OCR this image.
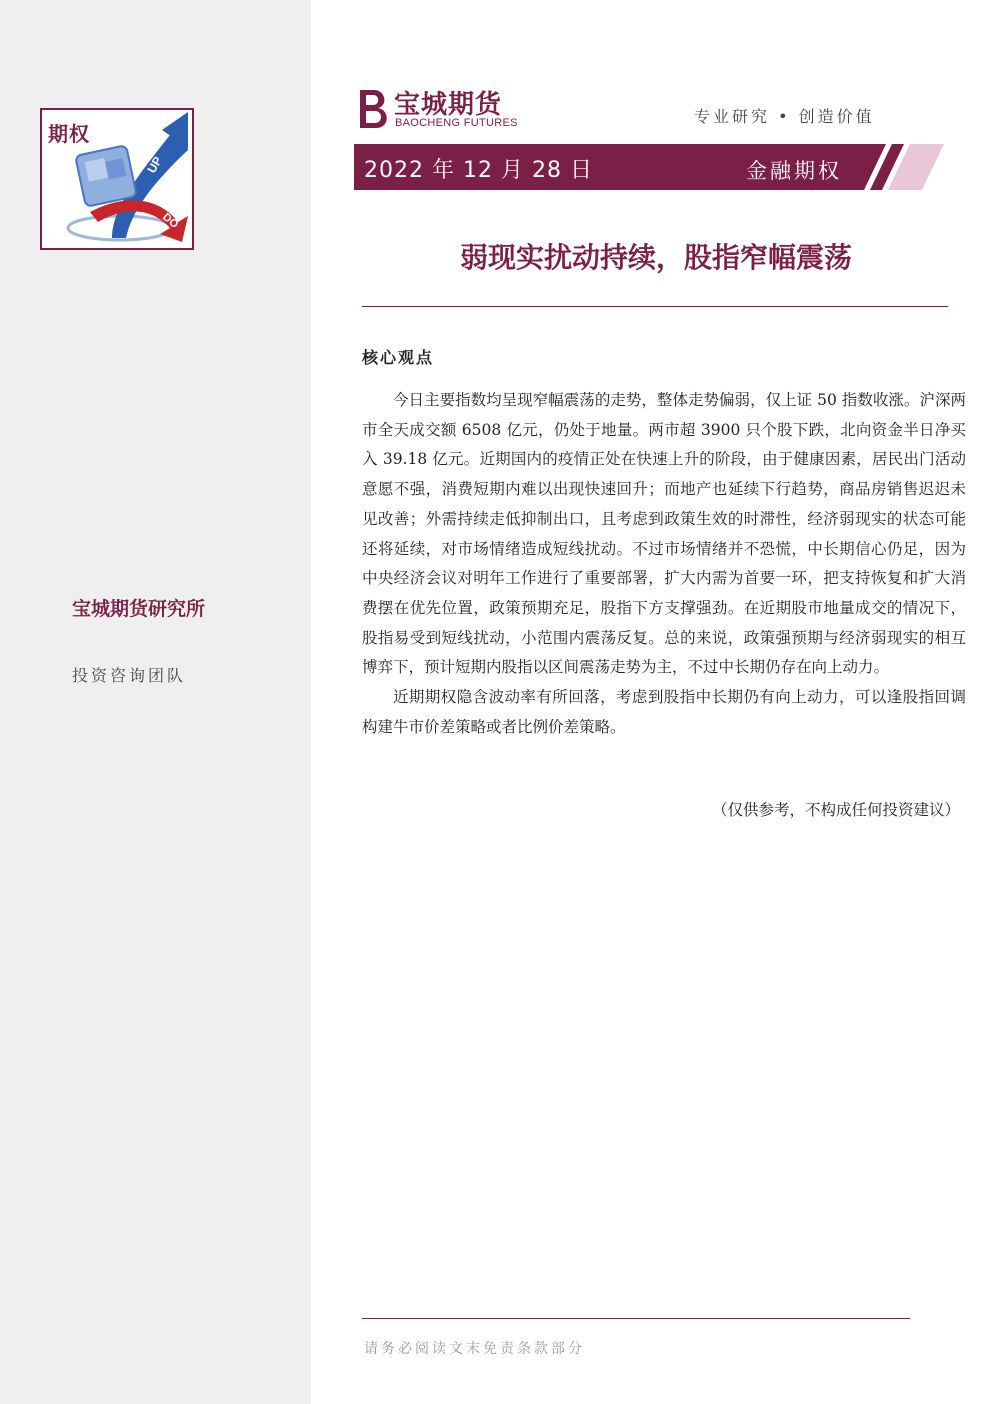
UP
DO
期权
宝城期货研究所
投资咨询团队
宝城期货
BAOCHENG FUTURES	专业研究 • 创造价值
2022 年 12 月 28 日	金融期权
弱现实扰动持续，股指窄幅震荡
核心观点

今日主要指数均呈现窄幅震荡的走势，整体走势偏弱，仅上证 50 指数收涨。沪深两市全天成交额 6508 亿元，仍处于地量。两市超 3900 只个股下跌，北向资金半日净买入 39.18 亿元。近期国内的疫情正处在快速上升的阶段，由于健康因素，居民出门活动意愿不强，消费短期内难以出现快速回升；而地产也延续下行趋势，商品房销售迟迟未见改善；外需持续走低抑制出口，且考虑到政策生效的时滞性，经济弱现实的状态可能还将延续，对市场情绪造成短线扰动。不过市场情绪并不恐慌，中长期信心仍足，因为中央经济会议对明年工作进行了重要部署，扩大内需为首要一环，把支持恢复和扩大消费摆在优先位置，政策预期充足，股指下方支撑强劲。在近期股市地量成交的情况下，股指易受到短线扰动，小范围内震荡反复。总的来说，政策强预期与经济弱现实的相互博弈下，预计短期内股指以区间震荡走势为主，不过中长期仍存在向上动力。

近期期权隐含波动率有所回落，考虑到股指中长期仍有向上动力，可以逢股指回调构建牛市价差策略或者比例价差策略。

（仅供参考，不构成任何投资建议）
请务必阅读文末免责条款部分
